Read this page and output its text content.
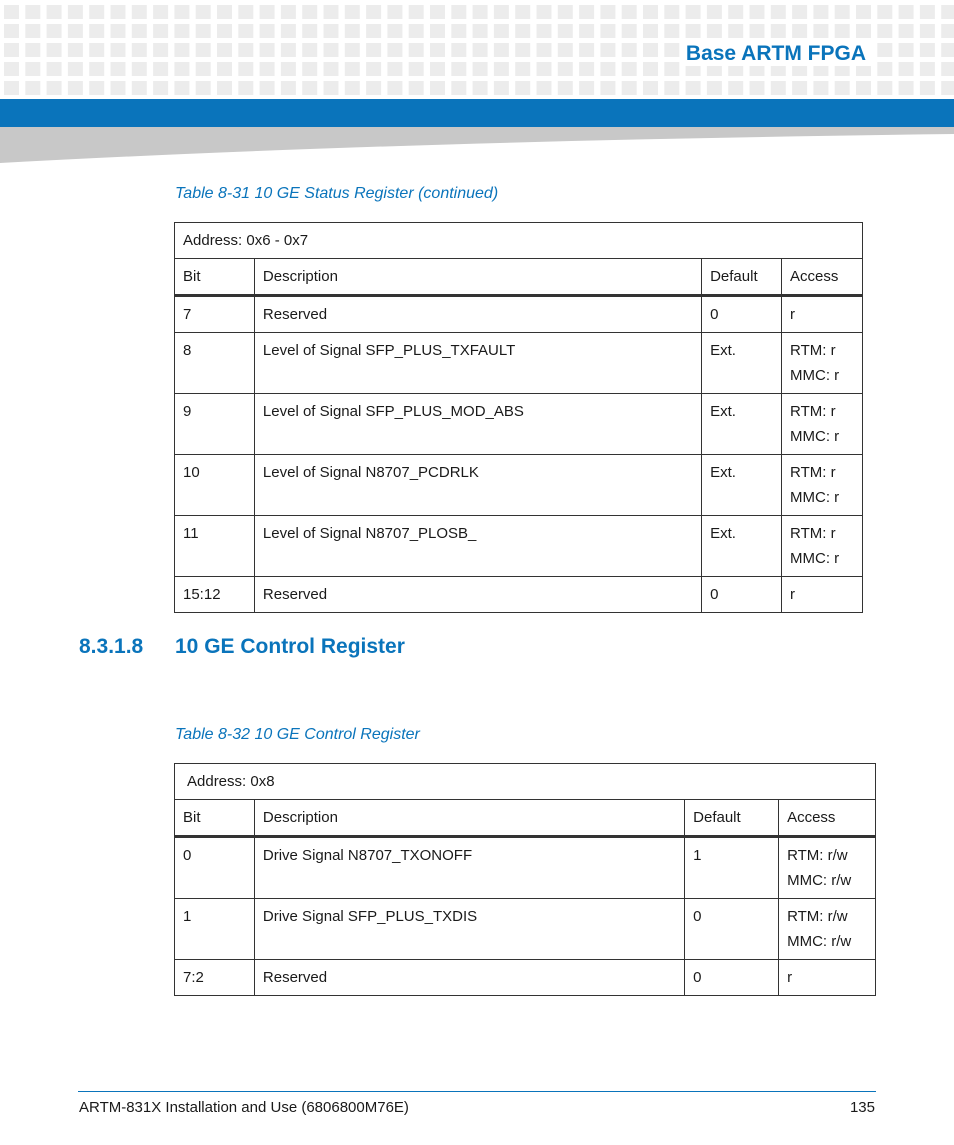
Base ARTM FPGA
Table 8-31 10 GE Status Register (continued)
Address: 0x6 - 0x7			
Bit	Description	Default	Access
7	Reserved	0	r

8	Level of Signal SFP_PLUS_TXFAULT	Ext.	RTM: r
MMC: r

9	Level of Signal SFP_PLUS_MOD_ABS	Ext.	RTM: r
MMC: r

10	Level of Signal N8707_PCDRLK	Ext.	RTM: r
MMC: r

11	Level of Signal N8707_PLOSB_	Ext.	RTM: r
MMC: r

15:12	Reserved	0	r
8.3.1.8 10 GE Control Register
Table 8-32 10 GE Control Register
Address: 0x8			
Bit	Description	Default	Access
0	Drive Signal N8707_TXONOFF	1	RTM: r/w
MMC: r/w

1	Drive Signal SFP_PLUS_TXDIS	0	RTM: r/w
MMC: r/w

7:2	Reserved	0	r
ARTM-831X Installation and Use (6806800M76E)	135
